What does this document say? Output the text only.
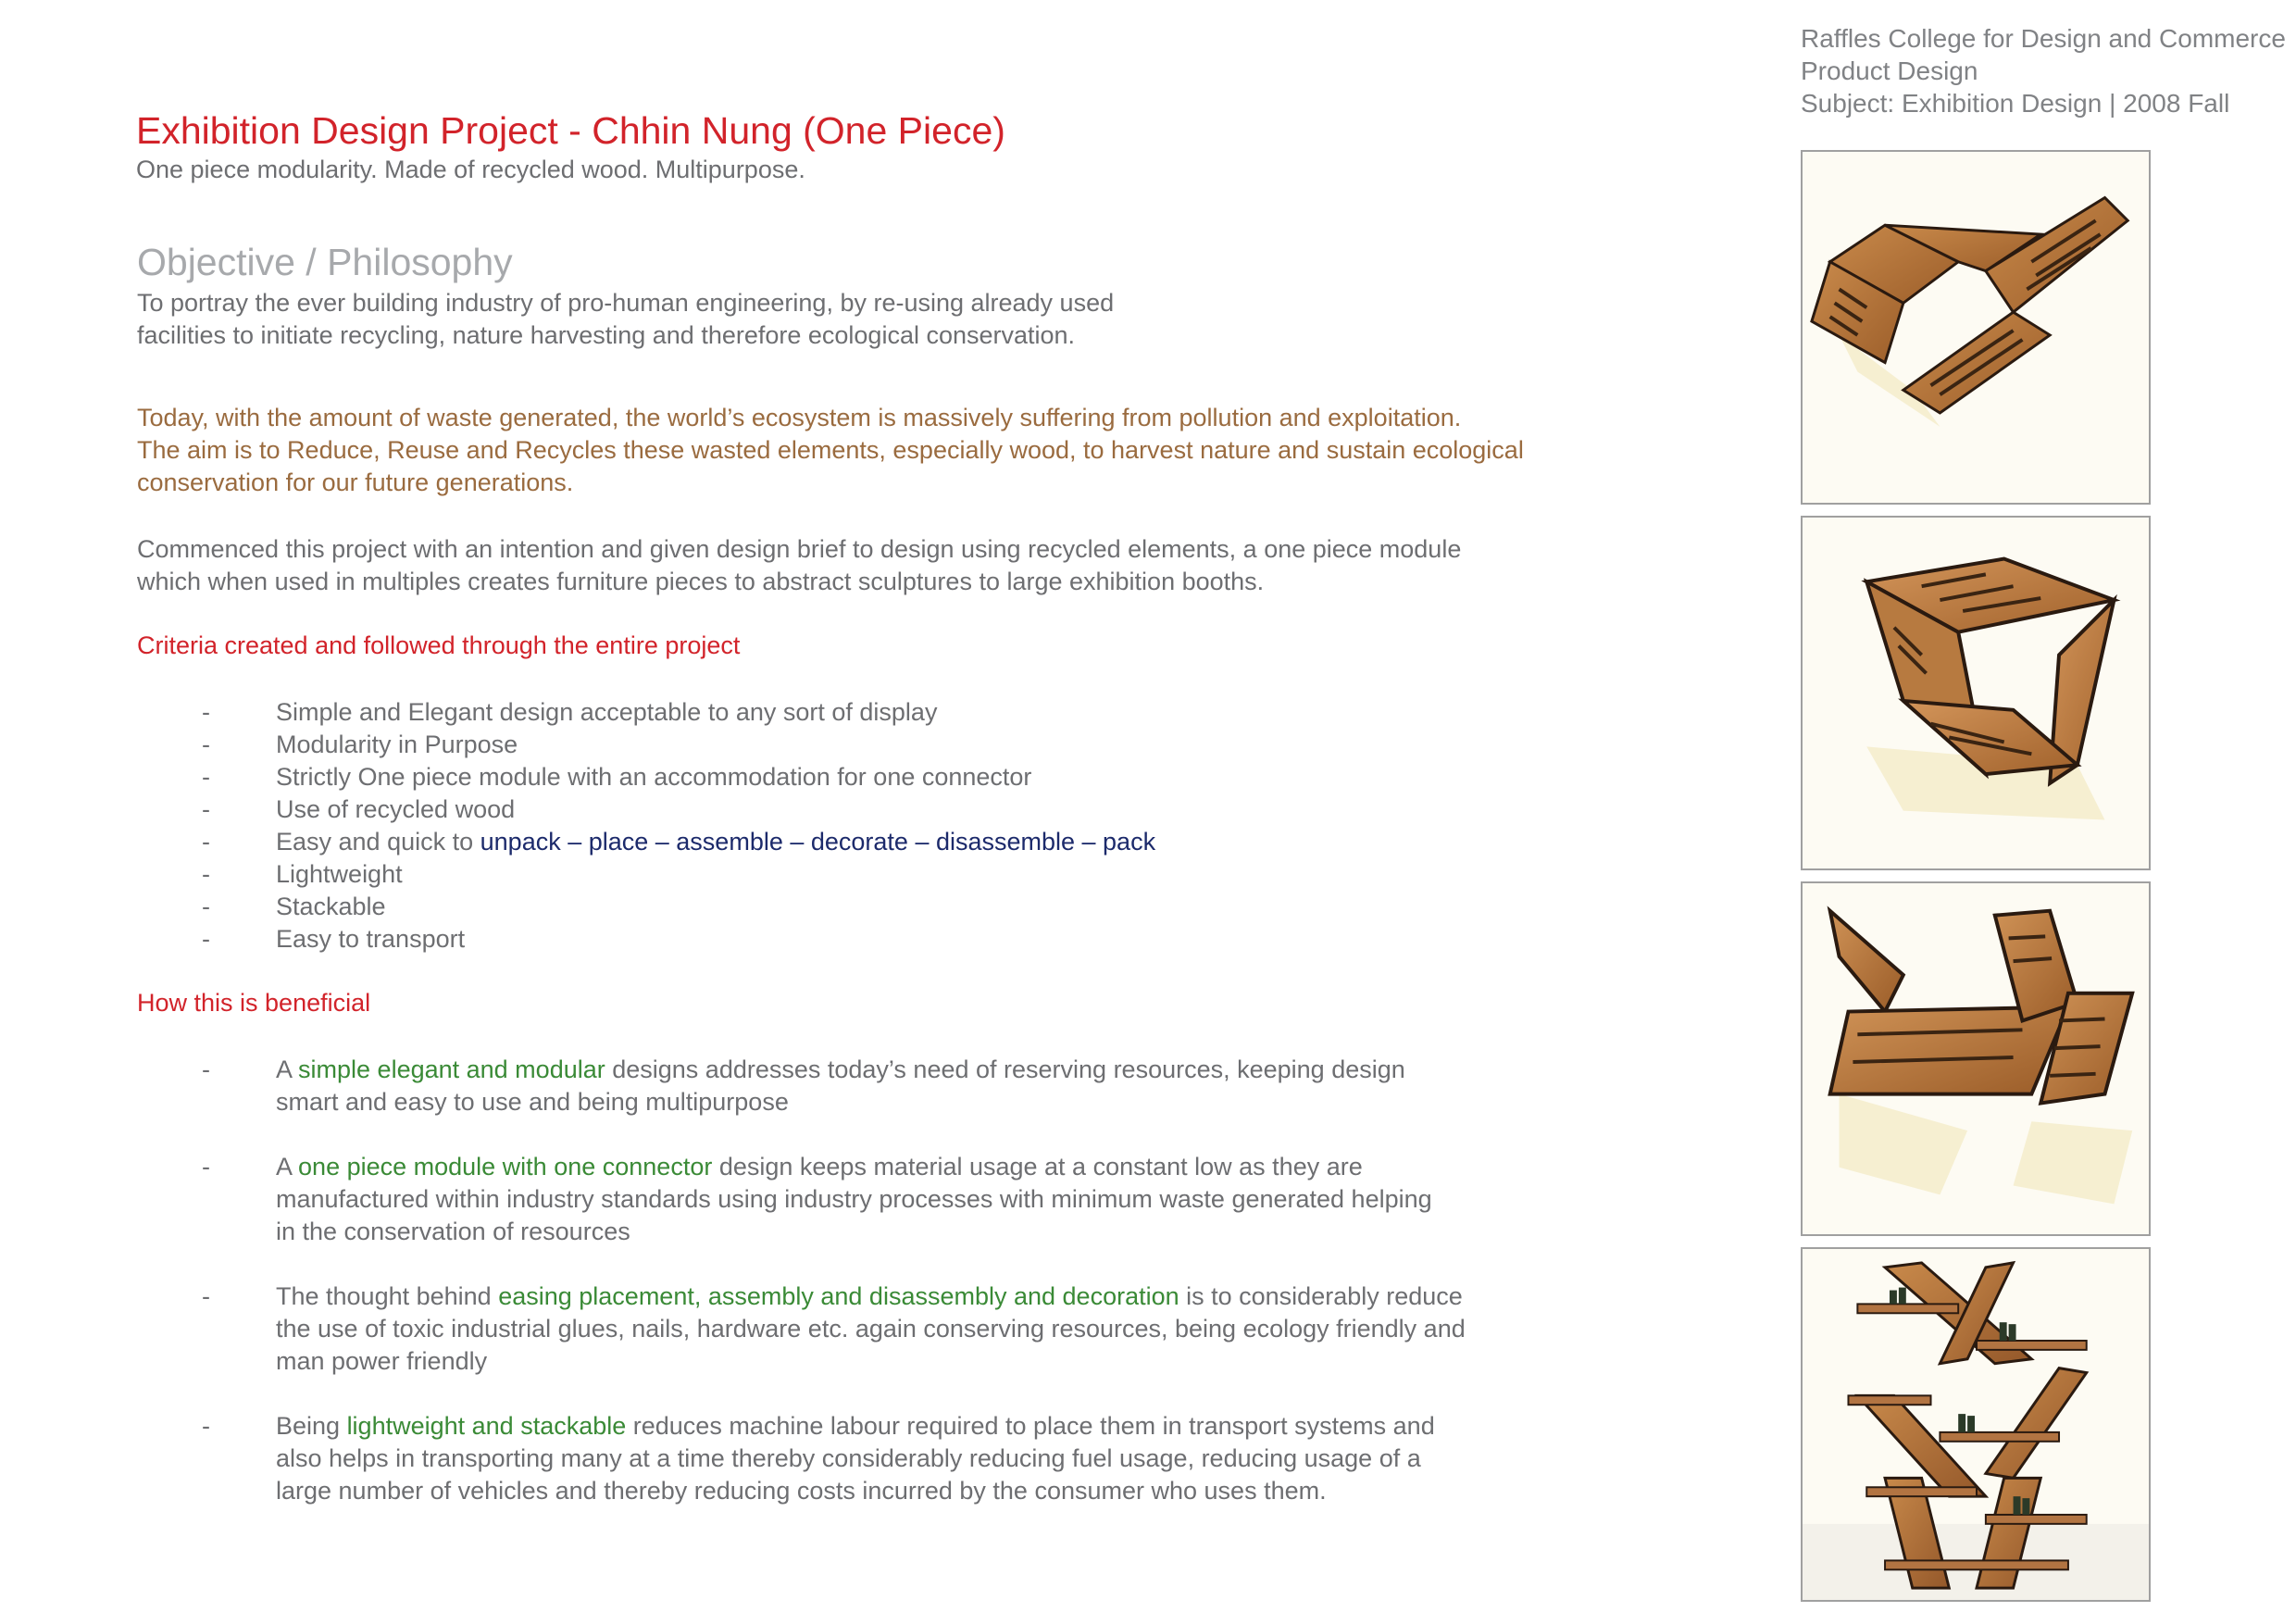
Raffles College for Design and Commerce
Product Design
Subject: Exhibition Design | 2008 Fall
Exhibition Design Project - Chhin Nung (One Piece)
One piece modularity. Made of recycled wood. Multipurpose.
Objective / Philosophy
To portray the ever building industry of pro-human engineering, by re-using already used
facilities to initiate recycling, nature harvesting and therefore ecological conservation.
Today, with the amount of waste generated, the world’s ecosystem is massively suffering from pollution and exploitation.
The aim is to Reduce, Reuse and Recycles these wasted elements, especially wood, to harvest nature and sustain ecological
conservation for our future generations.
Commenced this project with an intention and given design brief to design using recycled elements, a one piece module
which when used in multiples creates furniture pieces to abstract sculptures to large exhibition booths.
Criteria created and followed through the entire project
-	Simple and Elegant design acceptable to any sort of display
-	Modularity in Purpose
-	Strictly One piece module with an accommodation for one connector
-	Use of recycled wood
-	Easy and quick to unpack – place – assemble – decorate – disassemble – pack
-	Lightweight
-	Stackable
-	Easy to transport
How this is beneficial
-	A simple elegant and modular designs addresses today’s need of reserving resources, keeping design
smart and easy to use and being multipurpose
-	A one piece module with one connector design keeps material usage at a constant low as they are
manufactured within industry standards using industry processes with minimum waste generated helping
in the conservation of resources
-	The thought behind easing placement, assembly and disassembly and decoration is to considerably reduce
the use of toxic industrial glues, nails, hardware etc. again conserving resources, being ecology friendly and
man power friendly
-	Being lightweight and stackable reduces machine labour required to place them in transport systems and
also helps in transporting many at a time thereby considerably reducing fuel usage, reducing usage of a
large number of vehicles and thereby reducing costs incurred by the consumer who uses them.
